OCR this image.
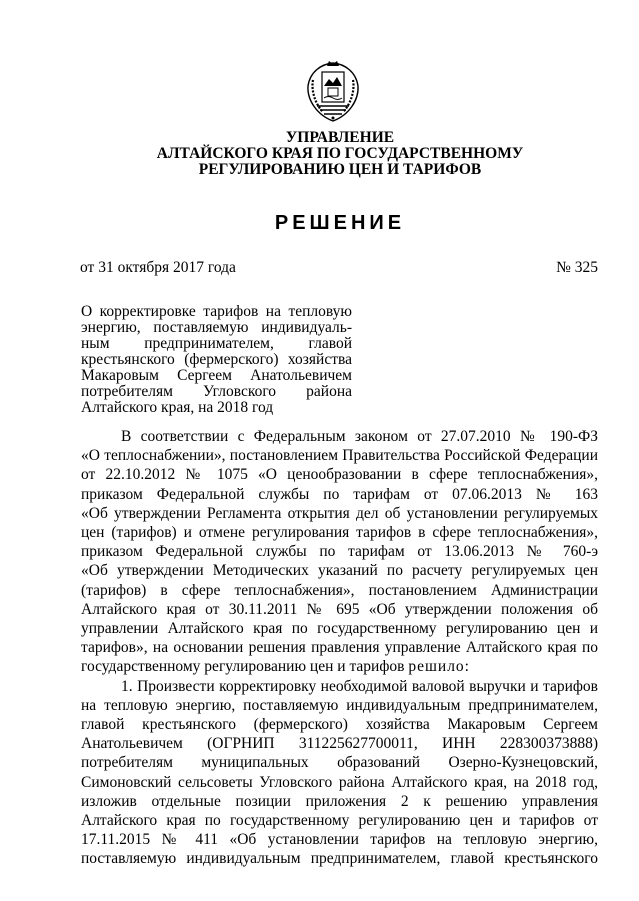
УПРАВЛЕНИЕ
АЛТАЙСКОГО КРАЯ ПО ГОСУДАРСТВЕННОМУ
РЕГУЛИРОВАНИЮ ЦЕН И ТАРИФОВ
РЕШЕНИЕ
от 31 октября 2017 года	№ 325
О корректировке тарифов на тепловую
энергию, поставляемую индивидуаль-
ным предпринимателем, главой
крестьянского (фермерского) хозяйства
Макаровым Сергеем Анатольевичем
потребителям Угловского района
Алтайского края, на 2018 год
В соответствии с Федеральным законом от 27.07.2010 № 190-ФЗ
«О теплоснабжении», постановлением Правительства Российской Федерации
от 22.10.2012 № 1075 «О ценообразовании в сфере теплоснабжения»,
приказом Федеральной службы по тарифам от 07.06.2013 № 163
«Об утверждении Регламента открытия дел об установлении регулируемых
цен (тарифов) и отмене регулирования тарифов в сфере теплоснабжения»,
приказом Федеральной службы по тарифам от 13.06.2013 № 760-э
«Об утверждении Методических указаний по расчету регулируемых цен
(тарифов) в сфере теплоснабжения», постановлением Администрации
Алтайского края от 30.11.2011 № 695 «Об утверждении положения об
управлении Алтайского края по государственному регулированию цен и
тарифов», на основании решения правления управление Алтайского края по
государственному регулированию цен и тарифов решило:
1. Произвести корректировку необходимой валовой выручки и тарифов
на тепловую энергию, поставляемую индивидуальным предпринимателем,
главой крестьянского (фермерского) хозяйства Макаровым Сергеем
Анатольевичем (ОГРНИП 311225627700011, ИНН 228300373888)
потребителям муниципальных образований Озерно-Кузнецовский,
Симоновский сельсоветы Угловского района Алтайского края, на 2018 год,
изложив отдельные позиции приложения 2 к решению управления
Алтайского края по государственному регулированию цен и тарифов от
17.11.2015 № 411 «Об установлении тарифов на тепловую энергию,
поставляемую индивидуальным предпринимателем, главой крестьянского
